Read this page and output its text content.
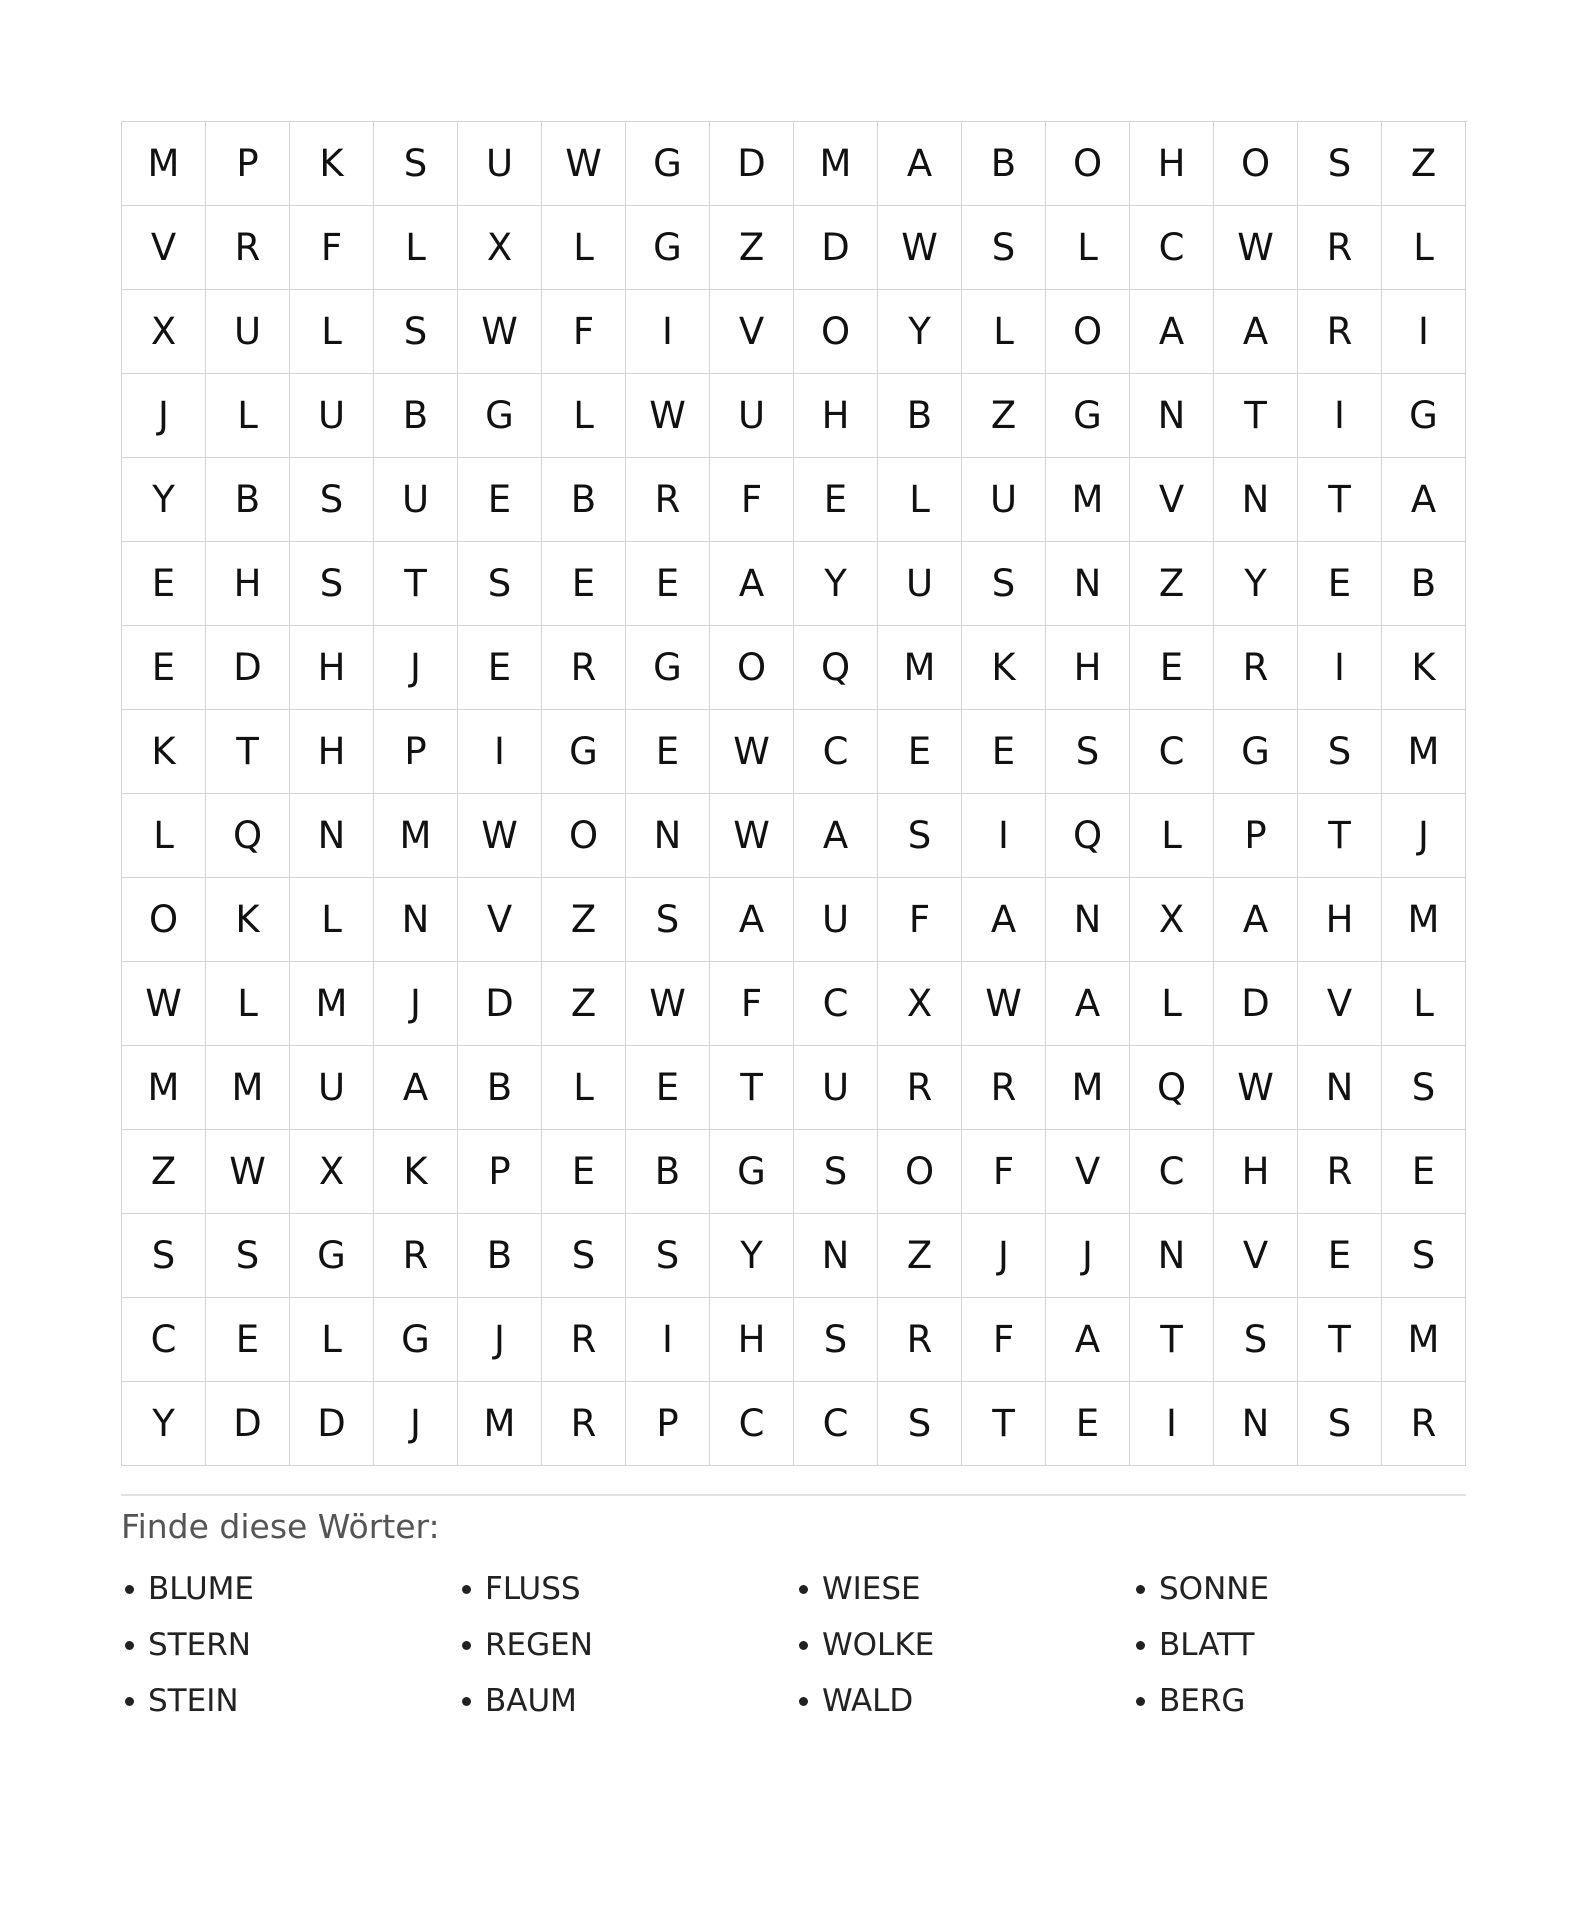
M	P	K	S	U	W	G	D	M	A	B	O	H	O	S	Z
V	R	F	L	X	L	G	Z	D	W	S	L	C	W	R	L
X	U	L	S	W	F	I	V	O	Y	L	O	A	A	R	I
J	L	U	B	G	L	W	U	H	B	Z	G	N	T	I	G
Y	B	S	U	E	B	R	F	E	L	U	M	V	N	T	A
E	H	S	T	S	E	E	A	Y	U	S	N	Z	Y	E	B
E	D	H	J	E	R	G	O	Q	M	K	H	E	R	I	K
K	T	H	P	I	G	E	W	C	E	E	S	C	G	S	M
L	Q	N	M	W	O	N	W	A	S	I	Q	L	P	T	J
O	K	L	N	V	Z	S	A	U	F	A	N	X	A	H	M
W	L	M	J	D	Z	W	F	C	X	W	A	L	D	V	L
M	M	U	A	B	L	E	T	U	R	R	M	Q	W	N	S
Z	W	X	K	P	E	B	G	S	O	F	V	C	H	R	E
S	S	G	R	B	S	S	Y	N	Z	J	J	N	V	E	S
C	E	L	G	J	R	I	H	S	R	F	A	T	S	T	M
Y	D	D	J	M	R	P	C	C	S	T	E	I	N	S	R
Finde diese Wörter:
BLUME	FLUSS	WIESE	SONNE
STERN	REGEN	WOLKE	BLATT
STEIN	BAUM	WALD	BERG
